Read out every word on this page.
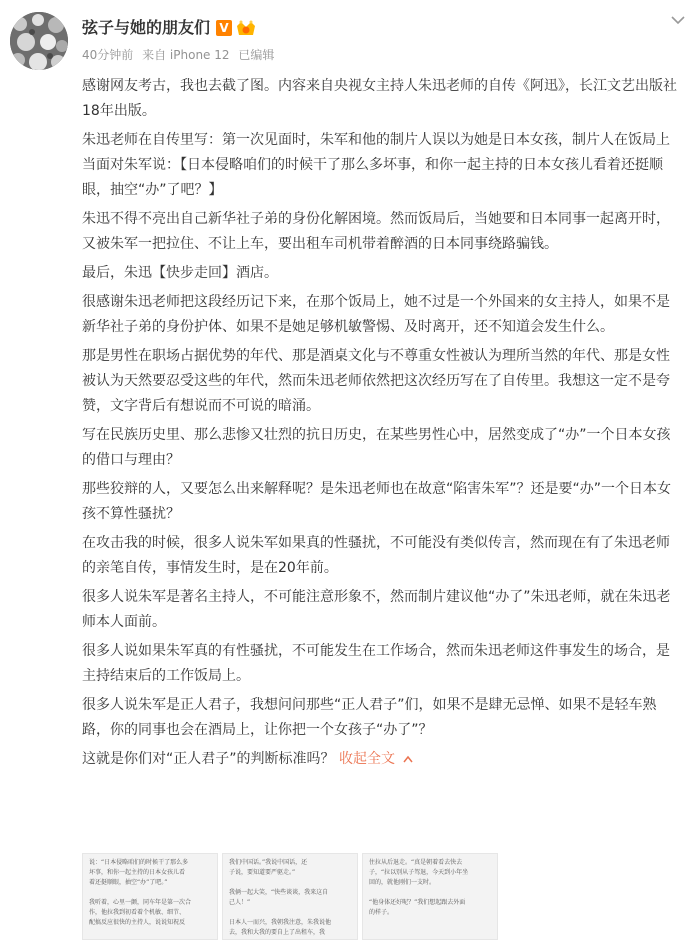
弦子与她的朋友们 V
40分钟前 来自 iPhone 12 已编辑

感谢网友考古，我也去截了图。内容来自央视女主持人朱迅老师的自传《阿迅》，长江文艺出版社18年出版。

朱迅老师在自传里写：第一次见面时，朱军和他的制片人误以为她是日本女孩，制片人在饭局上当面对朱军说：【日本侵略咱们的时候干了那么多坏事，和你一起主持的日本女孩儿看着还挺顺眼，抽空“办”了吧？】

朱迅不得不亮出自己新华社子弟的身份化解困境。然而饭局后，当她要和日本同事一起离开时，又被朱军一把拉住、不让上车，要出租车司机带着醉酒的日本同事绕路骗钱。

最后，朱迅【快步走回】酒店。

很感谢朱迅老师把这段经历记下来，在那个饭局上，她不过是一个外国来的女主持人，如果不是新华社子弟的身份护体、如果不是她足够机敏警惕、及时离开，还不知道会发生什么。

那是男性在职场占据优势的年代、那是酒桌文化与不尊重女性被认为理所当然的年代、那是女性被认为天然要忍受这些的年代，然而朱迅老师依然把这次经历写在了自传里。我想这一定不是夸赞，文字背后有想说而不可说的暗涌。

写在民族历史里、那么悲惨又壮烈的抗日历史，在某些男性心中，居然变成了“办”一个日本女孩的借口与理由？

那些狡辩的人，又要怎么出来解释呢？是朱迅老师也在故意“陷害朱军”？还是要“办”一个日本女孩不算性骚扰？

在攻击我的时候，很多人说朱军如果真的性骚扰，不可能没有类似传言，然而现在有了朱迅老师的亲笔自传，事情发生时，是在20年前。

很多人说朱军是著名主持人，不可能注意形象不，然而制片建议他“办了”朱迅老师，就在朱迅老师本人面前。

很多人说如果朱军真的有性骚扰，不可能发生在工作场合，然而朱迅老师这件事发生的场合，是主持结束后的工作饭局上。

很多人说朱军是正人君子，我想问问那些“正人君子”们，如果不是肆无忌惮、如果不是轻车熟路，你的同事也会在酒局上，让你把一个女孩子“办了”？

这就是你们对“正人君子”的判断标准吗？ 收起全文

说：“日本侵略咱们的时候干了那么多
坏事，和你一起主持的日本女孩儿看
着还挺顺眼，抽空“办”了吧。”

我听着，心里一颤，同车年是第一次合
作，他拉我到初看着个机敏、细节、
配搞反应很快的主持人，说说知祝反
我们中国话。”我说中国话，还
子说，要知道要严驱走。”

我俩一起大笑，“快些谈谈，我来这自
己人！”

日本人一而兴，我朝我注意，朱我说他
去，我和大我的要自上了出租车，我
住拉从后退走。“真是朝着看去快去
子，“拉以别从子驾退，今天到小年坐
回的，就他刚们一支时。

“他身体还好呢？”我们想起跟去外面
的样子。
